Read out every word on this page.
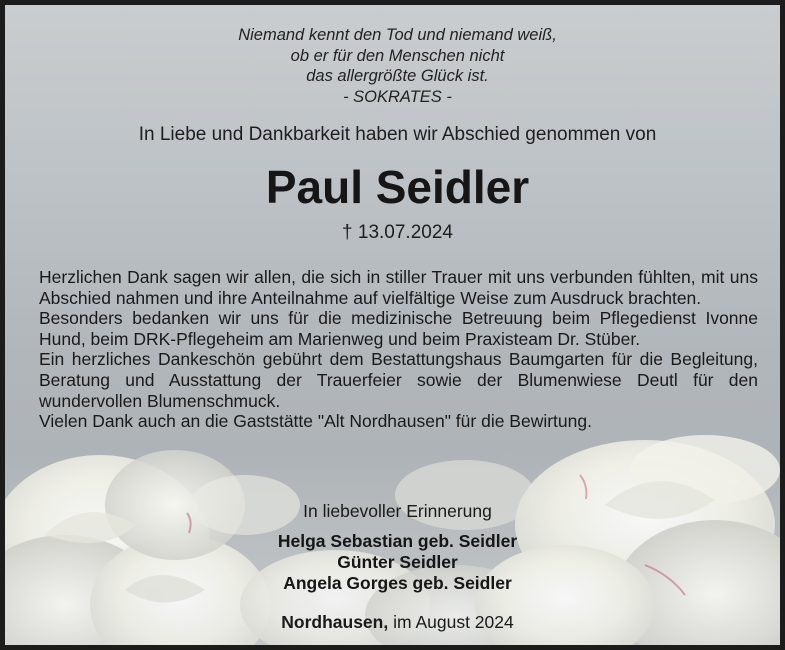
Niemand kennt den Tod und niemand weiß,
ob er für den Menschen nicht
das allergrößte Glück ist.
- SOKRATES -
In Liebe und Dankbarkeit haben wir Abschied genommen von
Paul Seidler
† 13.07.2024

Herzlichen Dank sagen wir allen, die sich in stiller Trauer mit uns verbunden fühlten, mit uns Abschied nahmen und ihre Anteilnahme auf vielfältige Weise zum Ausdruck brachten.

Besonders bedanken wir uns für die medizinische Betreuung beim Pflegedienst Ivonne Hund, beim DRK-Pflegeheim am Marienweg und beim Praxisteam Dr. Stüber.

Ein herzliches Dankeschön gebührt dem Bestattungshaus Baumgarten für die Begleitung, Beratung und Ausstattung der Trauerfeier sowie der Blumenwiese Deutl für den wundervollen Blumenschmuck.

Vielen Dank auch an die Gaststätte "Alt Nordhausen" für die Bewirtung.

In liebevoller Erinnerung
Helga Sebastian geb. Seidler
Günter Seidler
Angela Gorges geb. Seidler
Nordhausen, im August 2024
